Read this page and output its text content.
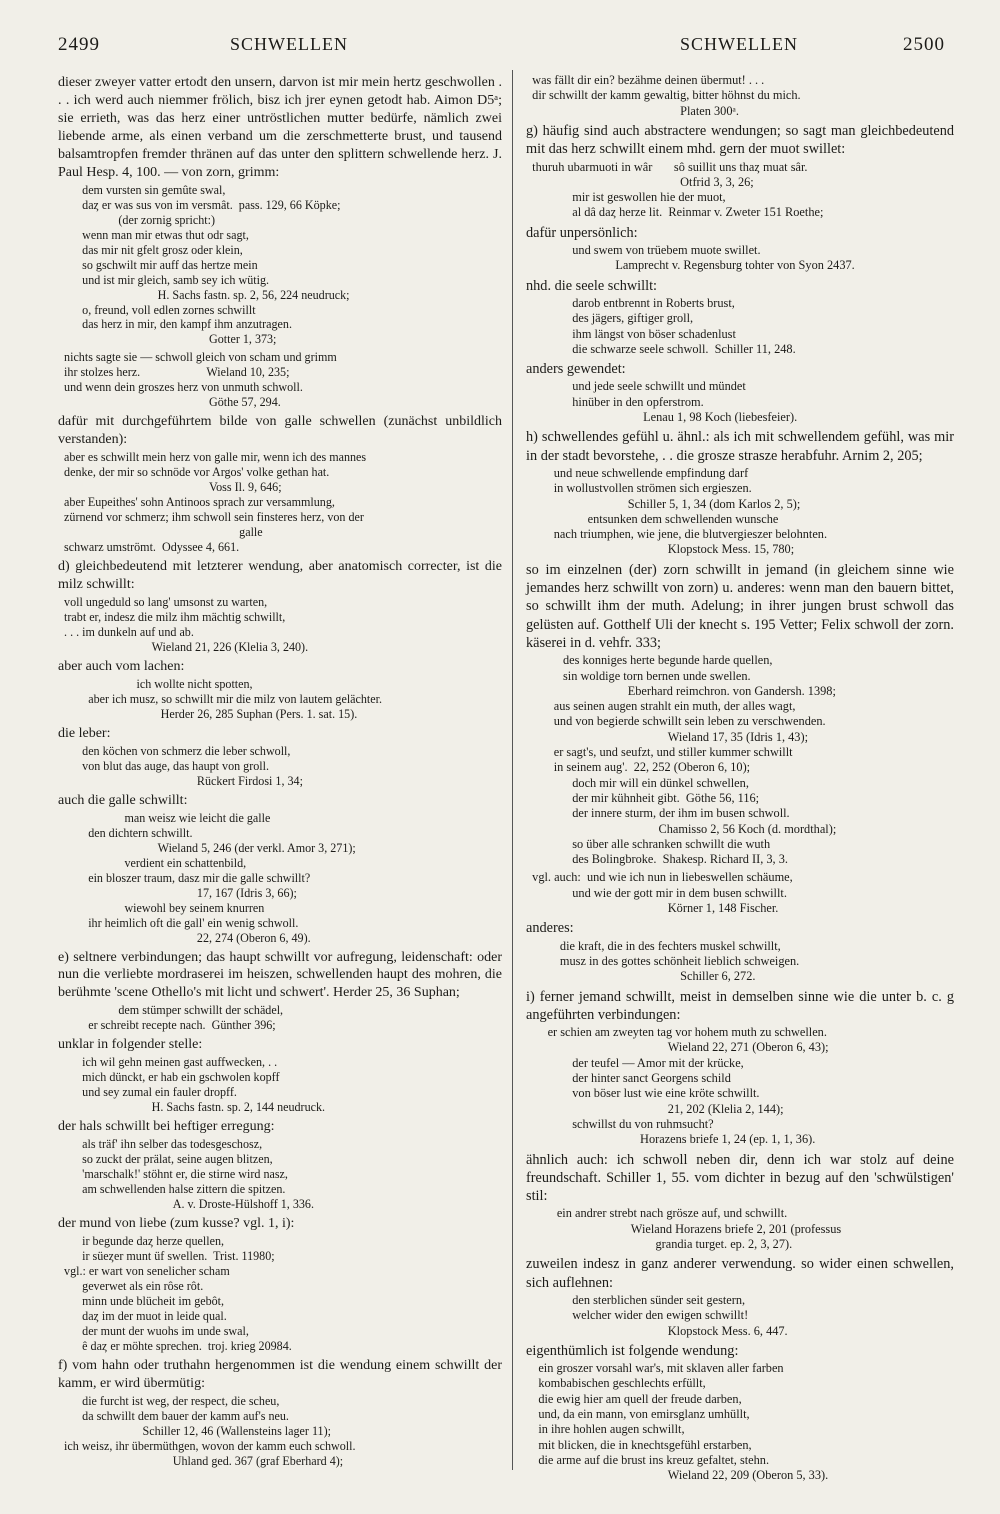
2499	SCHWELLEN	SCHWELLEN	2500
dieser zweyer vatter ertodt den unsern, darvon ist mir mein hertz geschwollen . . . ich werd auch niemmer frölich, bisz ich jrer eynen getodt hab. Aimon D5ᵃ; sie errieth, was das herz einer untröstlichen mutter bedürfe, nämlich zwei liebende arme, als einen verband um die zerschmetterte brust, und tausend balsamtropfen fremder thränen auf das unter den splittern schwellende herz. J. Paul Hesp. 4, 100. — von zorn, grimm:
dem vursten sin gemûte swal,
daȥ er was sus von im versmât.  pass. 129, 66 Köpke;
(der zornig spricht:)
wenn man mir etwas thut odr sagt,
das mir nit gfelt grosz oder klein,
so gschwilt mir auff das hertze mein
und ist mir gleich, samb sey ich wütig.
H. Sachs fastn. sp. 2, 56, 224 neudruck;
o, freund, voll edlen zornes schwillt
das herz in mir, den kampf ihm anzutragen.
Gotter 1, 373;
nichts sagte sie — schwoll gleich von scham und grimm
ihr stolzes herz.                      Wieland 10, 235;
und wenn dein groszes herz von unmuth schwoll.
Göthe 57, 294.
dafür mit durchgeführtem bilde von galle schwellen (zunächst unbildlich verstanden):
aber es schwillt mein herz von galle mir, wenn ich des mannes
denke, der mir so schnöde vor Argos' volke gethan hat.
Voss Il. 9, 646;
aber Eupeithes' sohn Antinoos sprach zur versammlung,
zürnend vor schmerz; ihm schwoll sein finsteres herz, von der
galle
schwarz umströmt.  Odyssee 4, 661.
d) gleichbedeutend mit letzterer wendung, aber anatomisch correcter, ist die milz schwillt:
voll ungeduld so lang' umsonst zu warten,
trabt er, indesz die milz ihm mächtig schwillt,
. . . im dunkeln auf und ab.
Wieland 21, 226 (Klelia 3, 240).
aber auch vom lachen:
ich wollte nicht spotten,
aber ich musz, so schwillt mir die milz von lautem gelächter.
Herder 26, 285 Suphan (Pers. 1. sat. 15).
die leber:
den köchen von schmerz die leber schwoll,
von blut das auge, das haupt von groll.
Rückert Firdosi 1, 34;
auch die galle schwillt:
man weisz wie leicht die galle
den dichtern schwillt.
Wieland 5, 246 (der verkl. Amor 3, 271);
verdient ein schattenbild,
ein bloszer traum, dasz mir die galle schwillt?
17, 167 (Idris 3, 66);
wiewohl bey seinem knurren
ihr heimlich oft die gall' ein wenig schwoll.
22, 274 (Oberon 6, 49).
e) seltnere verbindungen; das haupt schwillt vor aufregung, leidenschaft: oder nun die verliebte mordraserei im heiszen, schwellenden haupt des mohren, die berühmte 'scene Othello's mit licht und schwert'. Herder 25, 36 Suphan;
dem stümper schwillt der schädel,
er schreibt recepte nach.  Günther 396;
unklar in folgender stelle:
ich wil gehn meinen gast auffwecken, . .
mich dünckt, er hab ein gschwolen kopff
und sey zumal ein fauler dropff.
H. Sachs fastn. sp. 2, 144 neudruck.
der hals schwillt bei heftiger erregung:
als träf' ihn selber das todesgeschosz,
so zuckt der prälat, seine augen blitzen,
'marschalk!' stöhnt er, die stirne wird nasz,
am schwellenden halse zittern die spitzen.
A. v. Droste-Hülshoff 1, 336.
der mund von liebe (zum kusse? vgl. 1, i):
ir begunde daȥ herze quellen,
ir süeȥer munt üf swellen.  Trist. 11980;
vgl.: er wart von senelicher scham
geverwet als ein rôse rôt.
minn unde blücheit im gebôt,
daȥ im der muot in leide qual.
der munt der wuohs im unde swal,
ê daȥ er möhte sprechen.  troj. krieg 20984.
f) vom hahn oder truthahn hergenommen ist die wendung einem schwillt der kamm, er wird übermütig:
die furcht ist weg, der respect, die scheu,
da schwillt dem bauer der kamm auf's neu.
Schiller 12, 46 (Wallensteins lager 11);
ich weisz, ihr übermüthgen, wovon der kamm euch schwoll.
Uhland ged. 367 (graf Eberhard 4);
was fällt dir ein? bezähme deinen übermut! . . .
dir schwillt der kamm gewaltig, bitter höhnst du mich.
Platen 300ᵃ.
g) häufig sind auch abstractere wendungen; so sagt man gleichbedeutend mit das herz schwillt einem mhd. gern der muot swillet:
thuruh ubarmuoti in wâr       sô suillit uns thaȥ muat sâr.
Otfrid 3, 3, 26;
mir ist geswollen hie der muot,
al dâ daȥ herze lit.  Reinmar v. Zweter 151 Roethe;
dafür unpersönlich:
und swem von trüebem muote swillet.
Lamprecht v. Regensburg tohter von Syon 2437.
nhd. die seele schwillt:
darob entbrennt in Roberts brust,
des jägers, giftiger groll,
ihm längst von böser schadenlust
die schwarze seele schwoll.  Schiller 11, 248.
anders gewendet:
und jede seele schwillt und mündet
hinüber in den opferstrom.
Lenau 1, 98 Koch (liebesfeier).
h) schwellendes gefühl u. ähnl.: als ich mit schwellendem gefühl, was mir in der stadt bevorstehe, . . die grosze strasze herabfuhr. Arnim 2, 205;
und neue schwellende empfindung darf
in wollustvollen strömen sich ergieszen.
Schiller 5, 1, 34 (dom Karlos 2, 5);
entsunken dem schwellenden wunsche
nach triumphen, wie jene, die blutvergieszer belohnten.
Klopstock Mess. 15, 780;
so im einzelnen (der) zorn schwillt in jemand (in gleichem sinne wie jemandes herz schwillt von zorn) u. anderes: wenn man den bauern bittet, so schwillt ihm der muth. Adelung; in ihrer jungen brust schwoll das gelüsten auf. Gotthelf Uli der knecht s. 195 Vetter; Felix schwoll der zorn. käserei in d. vehfr. 333;
des konniges herte begunde harde quellen,
sin woldige torn bernen unde swellen.
Eberhard reimchron. von Gandersh. 1398;
aus seinen augen strahlt ein muth, der alles wagt,
und von begierde schwillt sein leben zu verschwenden.
Wieland 17, 35 (Idris 1, 43);
er sagt's, und seufzt, und stiller kummer schwillt
in seinem aug'.  22, 252 (Oberon 6, 10);
doch mir will ein dünkel schwellen,
der mir kühnheit gibt.  Göthe 56, 116;
der innere sturm, der ihm im busen schwoll.
Chamisso 2, 56 Koch (d. mordthal);
so über alle schranken schwillt die wuth
des Bolingbroke.  Shakesp. Richard II, 3, 3.
vgl. auch:  und wie ich nun in liebeswellen schäume,
und wie der gott mir in dem busen schwillt.
Körner 1, 148 Fischer.
anderes:
die kraft, die in des fechters muskel schwillt,
musz in des gottes schönheit lieblich schweigen.
Schiller 6, 272.
i) ferner jemand schwillt, meist in demselben sinne wie die unter b. c. g angeführten verbindungen:
er schien am zweyten tag vor hohem muth zu schwellen.
Wieland 22, 271 (Oberon 6, 43);
der teufel — Amor mit der krücke,
der hinter sanct Georgens schild
von böser lust wie eine kröte schwillt.
21, 202 (Klelia 2, 144);
schwillst du von ruhmsucht?
Horazens briefe 1, 24 (ep. 1, 1, 36).
ähnlich auch: ich schwoll neben dir, denn ich war stolz auf deine freundschaft. Schiller 1, 55. vom dichter in bezug auf den 'schwülstigen' stil:
ein andrer strebt nach grösze auf, und schwillt.
Wieland Horazens briefe 2, 201 (professus
grandia turget. ep. 2, 3, 27).
zuweilen indesz in ganz anderer verwendung. so wider einen schwellen, sich auflehnen:
den sterblichen sünder seit gestern,
welcher wider den ewigen schwillt!
Klopstock Mess. 6, 447.
eigenthümlich ist folgende wendung:
ein groszer vorsahl war's, mit sklaven aller farben
kombabischen geschlechts erfüllt,
die ewig hier am quell der freude darben,
und, da ein mann, von emirsglanz umhüllt,
in ihre hohlen augen schwillt,
mit blicken, die in knechtsgefühl erstarben,
die arme auf die brust ins kreuz gefaltet, stehn.
Wieland 22, 209 (Oberon 5, 33).
